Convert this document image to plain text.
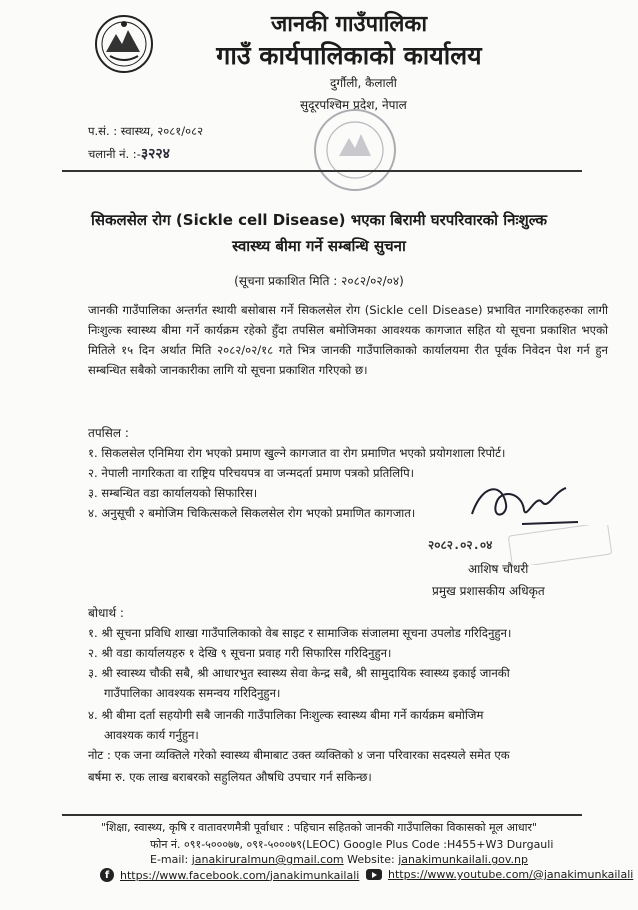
जानकी गाउँपालिका
गाउँ कार्यपालिकाको कार्यालय
दुर्गौली, कैलाली
सुदूरपश्चिम प्रदेश, नेपाल
प.सं. : स्वास्थ्य, २०८१/०८२
चलानी नं. :-३२२४
सिकलसेल रोग (Sickle cell Disease) भएका बिरामी घरपरिवारको निःशुल्क
स्वास्थ्य बीमा गर्ने सम्बन्धि सुचना
(सूचना प्रकाशित मिति : २०८२/०२/०४)
जानकी गाउँपालिका अन्तर्गत स्थायी बसोबास गर्ने सिकलसेल रोग (Sickle cell Disease) प्रभावित नागरिकहरुका लागी निःशुल्क स्वास्थ्य बीमा गर्ने कार्यक्रम रहेको हुँदा तपसिल बमोजिमका आवश्यक कागजात सहित यो सूचना प्रकाशित भएको मितिले १५ दिन अर्थात मिति २०८२/०२/१८ गते भित्र जानकी गाउँपालिकाको कार्यालयमा रीत पूर्वक निवेदन पेश गर्न हुन सम्बन्धित सबैको जानकारीका लागि यो सूचना प्रकाशित गरिएको छ।
तपसिल :
१. सिकलसेल एनिमिया रोग भएको प्रमाण खुल्ने कागजात वा रोग प्रमाणित भएको प्रयोगशाला रिपोर्ट।
२. नेपाली नागरिकता वा राष्ट्रिय परिचयपत्र वा जन्मदर्ता प्रमाण पत्रको प्रतिलिपि।
३. सम्बन्धित वडा कार्यालयको सिफारिस।
४. अनुसूची २ बमोजिम चिकित्सकले सिकलसेल रोग भएको प्रमाणित कागजात।
२०८२.०२.०४
आशिष चौधरी
प्रमुख प्रशासकीय अधिकृत
बोधार्थ :
१. श्री सूचना प्रविधि शाखा गाउँपालिकाको वेब साइट र सामाजिक संजालमा सूचना उपलोड गरिदिनुहुन।
२. श्री वडा कार्यालयहरु १ देखि ९ सूचना प्रवाह गरी सिफारिस गरिदिनुहुन।
३. श्री स्वास्थ्य चौकी सबै, श्री आधारभुत स्वास्थ्य सेवा केन्द्र सबै, श्री सामुदायिक स्वास्थ्य इकाई जानकी
गाउँपालिका आवश्यक समन्वय गरिदिनुहुन।
४. श्री बीमा दर्ता सहयोगी सबै जानकी गाउँपालिका निःशुल्क स्वास्थ्य बीमा गर्ने कार्यक्रम बमोजिम
आवश्यक कार्य गर्नुहुन।
नोट : एक जना व्यक्तिले गरेको स्वास्थ्य बीमाबाट उक्त व्यक्तिको ४ जना परिवारका सदस्यले समेत एक
बर्षमा रु. एक लाख बराबरको सहुलियत औषधि उपचार गर्न सकिन्छ।
"शिक्षा, स्वास्थ्य, कृषि र वातावरणमैत्री पूर्वाधार : पहिचान सहितको जानकी गाउँपालिका विकासको मूल आधार"
फोन नं. ०९१-५०००७७, ०९१-५०००७९(LEOC) Google Plus Code :H455+W3 Durgauli
E-mail: janakiruralmun@gmail.com Website: janakimunkailali.gov.np
f https://www.facebook.com/janakimunkailali	https://www.youtube.com/@janakimunkailali
